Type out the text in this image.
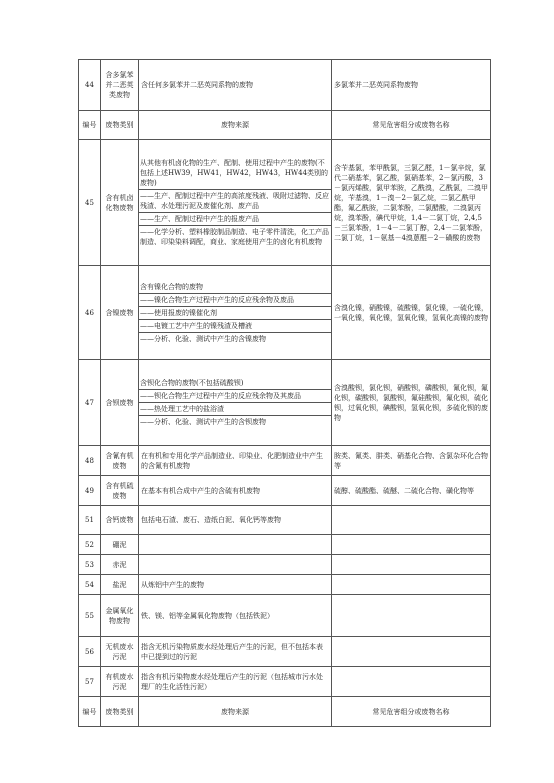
44	含多氯苯并二恶英类废物	含任何多氯苯并二恶英同系物的废物	多氯苯并二恶英同系物废物
编号	废物类别	废物来源	常见危害组分或废物名称
45	含有机卤化物废物	从其他有机卤化物的生产、配制、使用过程中产生的废物(不包括上述HW39，HW41，HW42，HW43，HW44类别的废物)
——生产、配制过程中产生的高浓度残液、吸附过滤物、反应残渣、水处理污泥及废催化剂、废产品
——生产、配制过程中产生的报废产品
——化学分析、塑料橡胶制品制造、电子零件清洗，化工产品制造、印染染料调配，商业、家庭使用产生的卤化有机废物	含苄基氯，苯甲酰氯，三氯乙醛，1－氯辛烷，氯代二硝基苯，氯乙酸，氯硝基苯，2－氯丙酸，3－氯丙烯酸，氯甲苯胺，乙酰溴，乙酰氯，二溴甲烷，苄基溴，1－溴－2－氯乙烷，二氯乙酰甲酯，氟乙酰胺，二氯苯酚，二氯醋酸，二溴氯丙烷，溴苯酚，碘代甲烷，1,4－二氯丁烷，2,4,5－三氯苯酚，1－4－二氯丁醇，2,4－二氯苯酚，二氯丁烷，1－氨基－4溴蒽醌－2－磺酸的废物
46	含镍废物	含有镍化合物的废物
——镍化合物生产过程中产生的反应残余物及废品
——使用报废的镍催化剂
——电镀工艺中产生的镍残渣及槽液
——分析、化验、测试中产生的含镍废物	含溴化镍，硝酸镍，硫酸镍，氯化镍，一硫化镍，一氧化镍，氧化镍，氢氧化镍，氢氧化高镍的废物
47	含钡废物	含钡化合物的废物(不包括硫酸钡)
——钡化合物生产过程中产生的反应残余物及其废品
——热处理工艺中的盐浴渣
——分析、化验、测试中产生的含钡废物	含溴酸钡，氯化钡，硝酸钡，磷酸钡，氰化钡，氟化钡，碳酸钡，氯酸钡，氟硅酸钡，氟化钡，硫化钡，过氧化钡，碘酸钡，氢氧化钡，多硫化钡的废物
48	含氰有机废物	在有机和专用化学产品制造业、印染业、化肥制造业中产生的含氰有机废物	胺类、氰类、肼类、硝基化合物、含氯杂环化合物等
49	含有机硫废物	在基本有机合成中产生的含硫有机废物	硫醇、硫酸酯、硫醚、二硫化合物、磺化物等
51	含钙废物	包括电石渣、废石、造纸白泥、氧化钙等废物	
52	硼泥		
53	赤泥		
54	盐泥	从炼铝中产生的废物	
55	金属氧化物废物	铁、镁、铝等金属氧化物废物（包括铁泥）	
56	无机废水污泥	指含无机污染物质废水经处理后产生的污泥，但不包括本表中已提到过的污泥	
57	有机废水污泥	指含有机污染物废水经处理后产生的污泥（包括城市污水处理厂的生化活性污泥）	
编号	废物类别	废物来源	常见危害组分或废物名称
